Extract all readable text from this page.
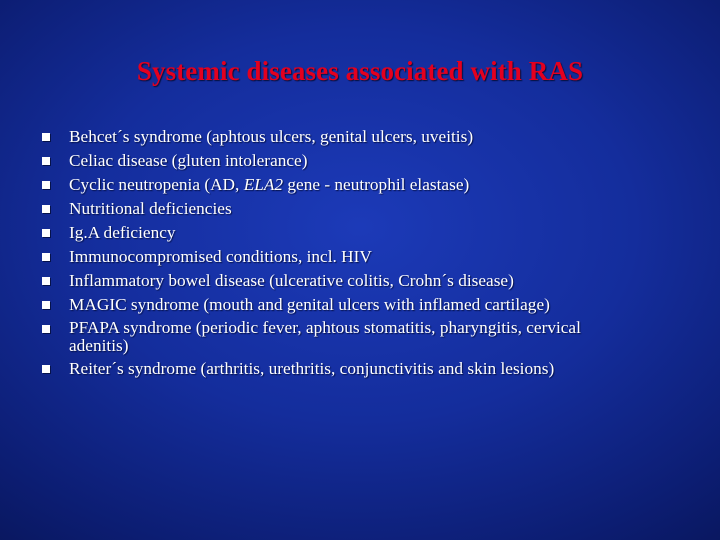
Systemic diseases associated with RAS
Behcet´s syndrome (aphtous ulcers, genital ulcers, uveitis)
Celiac disease (gluten intolerance)
Cyclic neutropenia (AD, ELA2 gene - neutrophil elastase)
Nutritional deficiencies
Ig.A deficiency
Immunocompromised conditions, incl. HIV
Inflammatory bowel disease (ulcerative colitis, Crohn´s disease)
MAGIC syndrome (mouth and genital ulcers with inflamed cartilage)
PFAPA syndrome (periodic fever, aphtous stomatitis, pharyngitis, cervical
adenitis)
Reiter´s syndrome (arthritis, urethritis, conjunctivitis and skin lesions)
